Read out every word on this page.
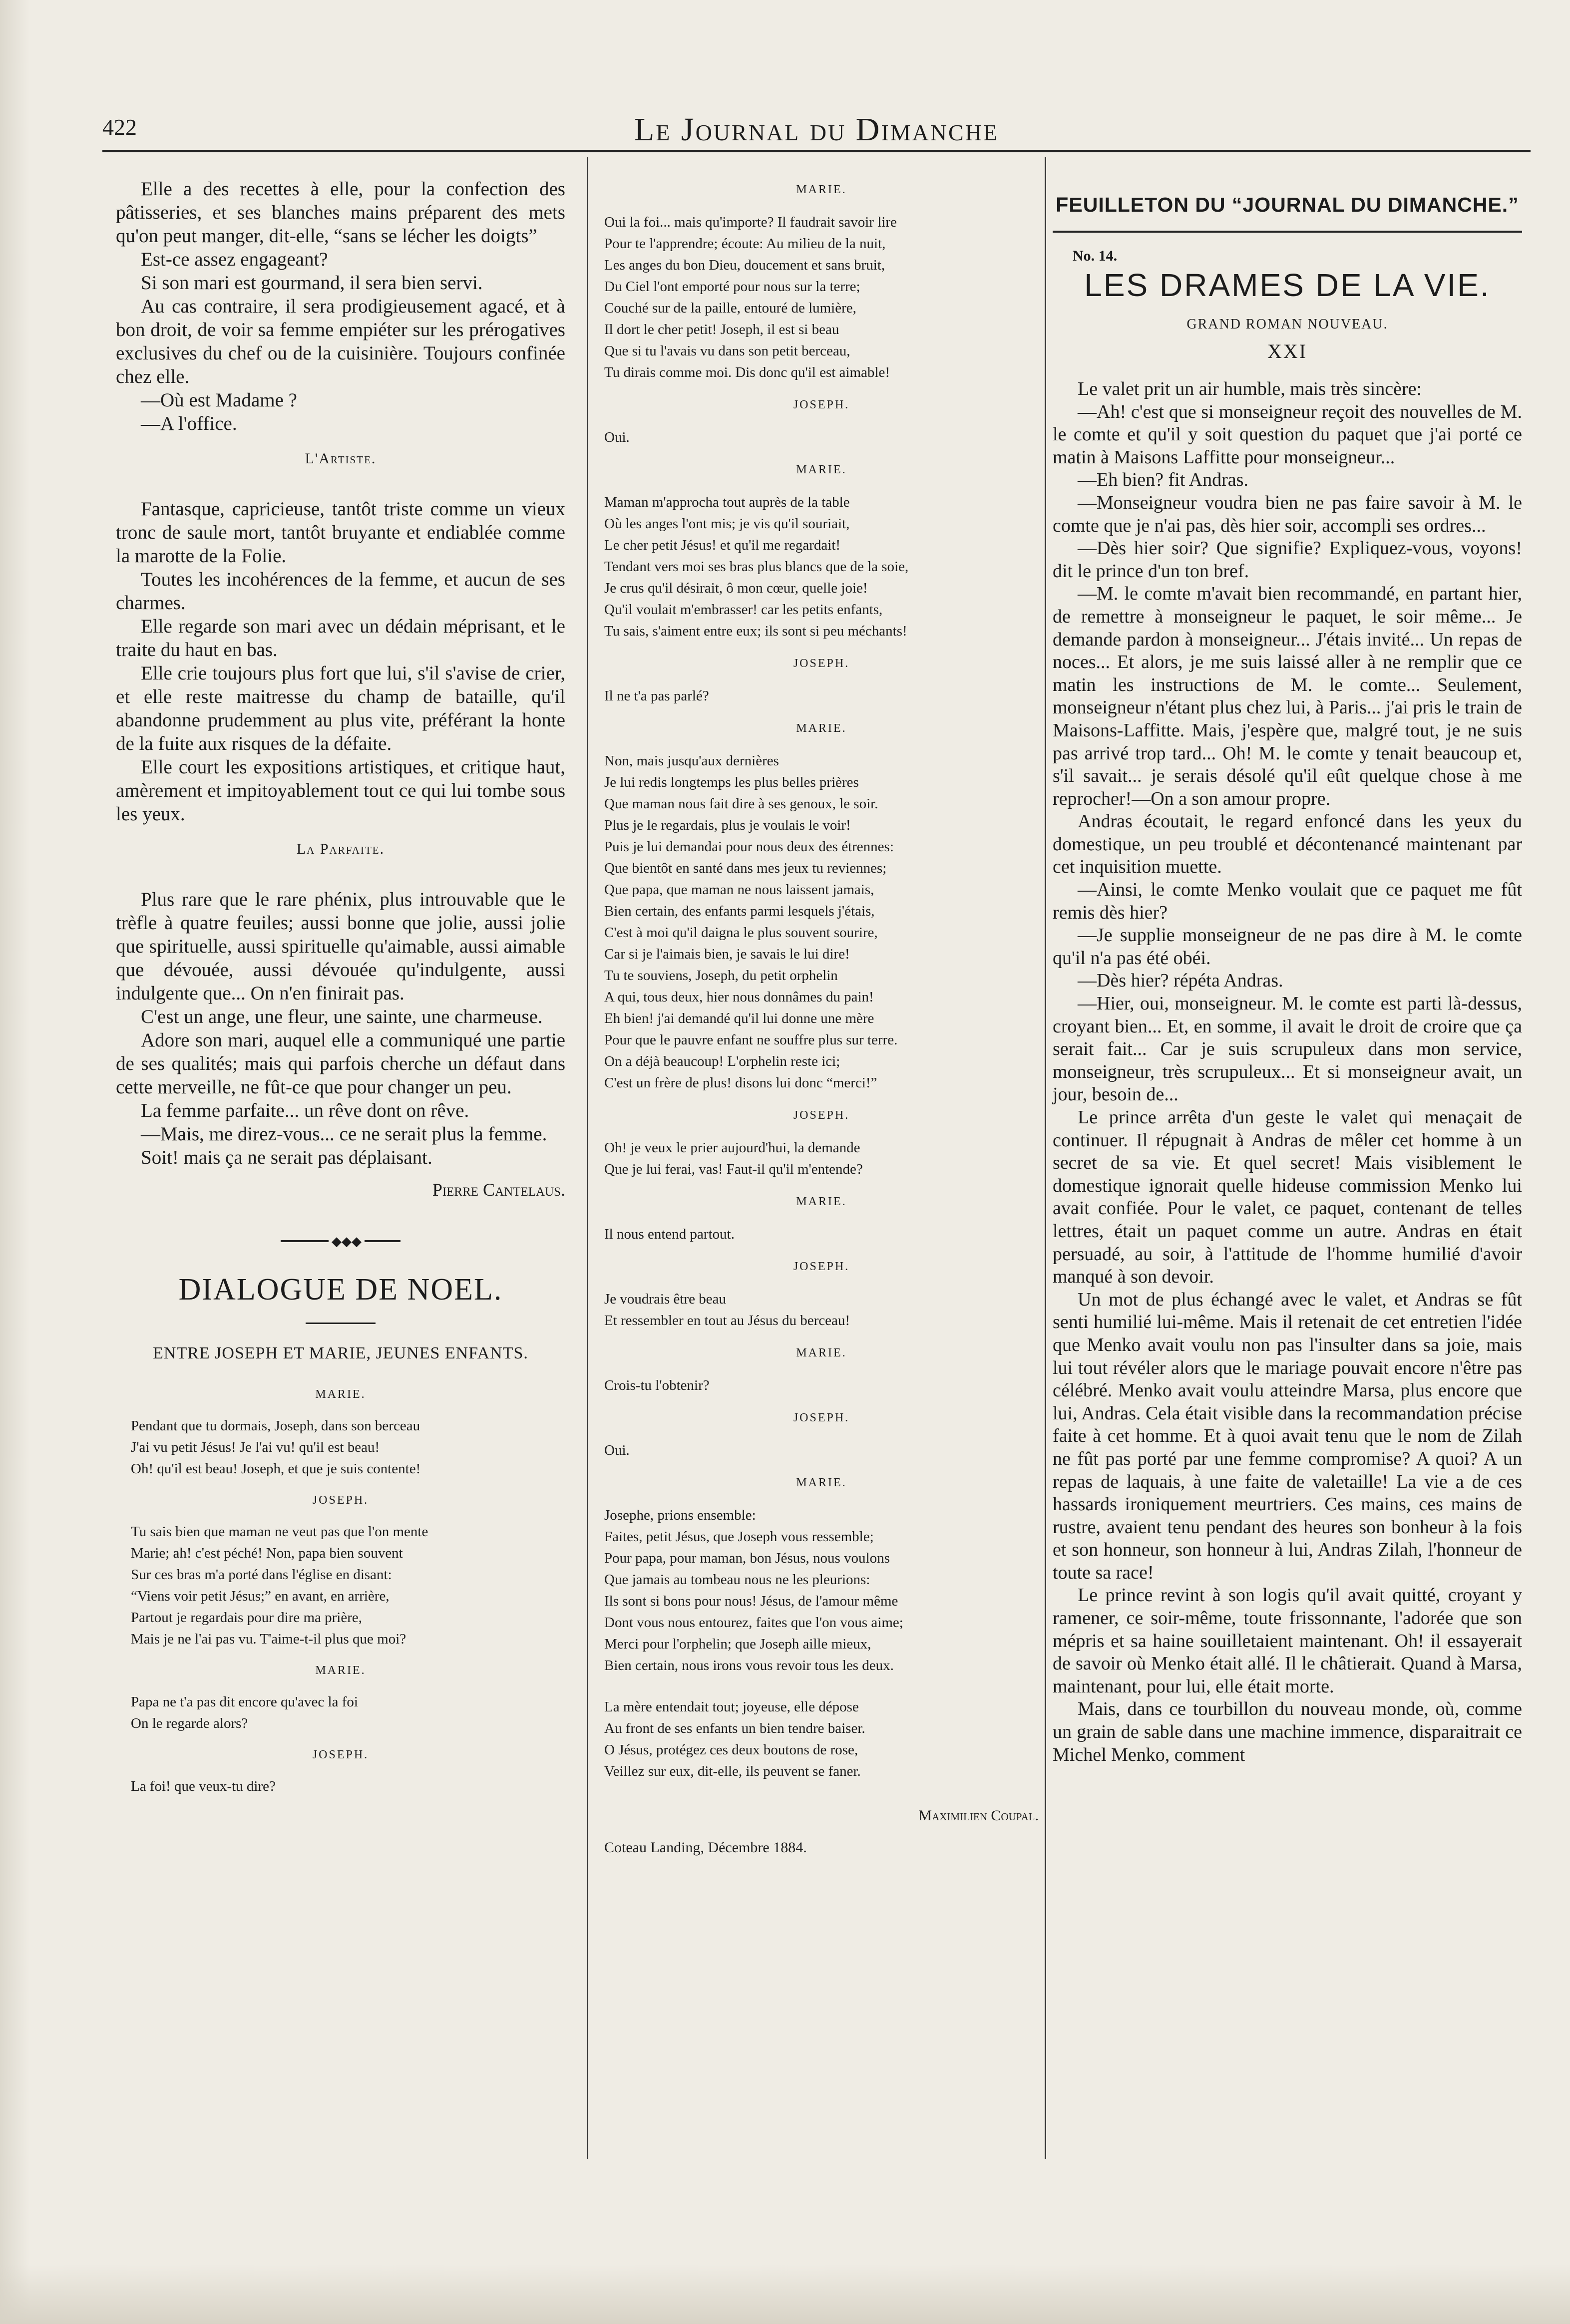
422	Le Journal du Dimanche

Elle a des recettes à elle, pour la confection des pâtisseries, et ses blanches mains préparent des mets qu'on peut manger, dit-elle, “sans se lécher les doigts”

Est-ce assez engageant?

Si son mari est gourmand, il sera bien servi.

Au cas contraire, il sera prodigieusement agacé, et à bon droit, de voir sa femme empiéter sur les prérogatives exclusives du chef ou de la cuisinière. Toujours confinée chez elle.

—Où est Madame ?

—A l'office.

L'Artiste.

Fantasque, capricieuse, tantôt triste comme un vieux tronc de saule mort, tantôt bruyante et endiablée comme la marotte de la Folie.

Toutes les incohérences de la femme, et aucun de ses charmes.

Elle regarde son mari avec un dédain méprisant, et le traite du haut en bas.

Elle crie toujours plus fort que lui, s'il s'avise de crier, et elle reste maitresse du champ de bataille, qu'il abandonne prudemment au plus vite, préférant la honte de la fuite aux risques de la défaite.

Elle court les expositions artistiques, et critique haut, amèrement et impitoyablement tout ce qui lui tombe sous les yeux.

La Parfaite.

Plus rare que le rare phénix, plus introuvable que le trèfle à quatre feuiles; aussi bonne que jolie, aussi jolie que spirituelle, aussi spirituelle qu'aimable, aussi aimable que dévouée, aussi dévouée qu'indulgente, aussi indulgente que... On n'en finirait pas.

C'est un ange, une fleur, une sainte, une charmeuse.

Adore son mari, auquel elle a communiqué une partie de ses qualités; mais qui parfois cherche un défaut dans cette merveille, ne fût-ce que pour changer un peu.

La femme parfaite... un rêve dont on rêve.

—Mais, me direz-vous... ce ne serait plus la femme.

Soit! mais ça ne serait pas déplaisant.

Pierre Cantelaus.
◆◆◆
DIALOGUE DE NOEL.
ENTRE JOSEPH ET MARIE, JEUNES ENFANTS.
MARIE.
Pendant que tu dormais, Joseph, dans son berceau
J'ai vu petit Jésus! Je l'ai vu! qu'il est beau!
Oh! qu'il est beau! Joseph, et que je suis contente!
JOSEPH.
Tu sais bien que maman ne veut pas que l'on mente
Marie; ah! c'est péché! Non, papa bien souvent
Sur ces bras m'a porté dans l'église en disant:
“Viens voir petit Jésus;” en avant, en arrière,
Partout je regardais pour dire ma prière,
Mais je ne l'ai pas vu. T'aime-t-il plus que moi?
MARIE.
Papa ne t'a pas dit encore qu'avec la foi
On le regarde alors?
JOSEPH.
La foi! que veux-tu dire?
MARIE.
Oui la foi... mais qu'importe? Il faudrait savoir lire
Pour te l'apprendre; écoute: Au milieu de la nuit,
Les anges du bon Dieu, doucement et sans bruit,
Du Ciel l'ont emporté pour nous sur la terre;
Couché sur de la paille, entouré de lumière,
Il dort le cher petit! Joseph, il est si beau
Que si tu l'avais vu dans son petit berceau,
Tu dirais comme moi. Dis donc qu'il est aimable!
JOSEPH.
Oui.
MARIE.
Maman m'approcha tout auprès de la table
Où les anges l'ont mis; je vis qu'il souriait,
Le cher petit Jésus! et qu'il me regardait!
Tendant vers moi ses bras plus blancs que de la soie,
Je crus qu'il désirait, ô mon cœur, quelle joie!
Qu'il voulait m'embrasser! car les petits enfants,
Tu sais, s'aiment entre eux; ils sont si peu méchants!
JOSEPH.
Il ne t'a pas parlé?
MARIE.
Non, mais jusqu'aux dernières
Je lui redis longtemps les plus belles prières
Que maman nous fait dire à ses genoux, le soir.
Plus je le regardais, plus je voulais le voir!
Puis je lui demandai pour nous deux des étrennes:
Que bientôt en santé dans mes jeux tu reviennes;
Que papa, que maman ne nous laissent jamais,
Bien certain, des enfants parmi lesquels j'étais,
C'est à moi qu'il daigna le plus souvent sourire,
Car si je l'aimais bien, je savais le lui dire!
Tu te souviens, Joseph, du petit orphelin
A qui, tous deux, hier nous donnâmes du pain!
Eh bien! j'ai demandé qu'il lui donne une mère
Pour que le pauvre enfant ne souffre plus sur terre.
On a déjà beaucoup! L'orphelin reste ici;
C'est un frère de plus! disons lui donc “merci!”
JOSEPH.
Oh! je veux le prier aujourd'hui, la demande
Que je lui ferai, vas! Faut-il qu'il m'entende?
MARIE.
Il nous entend partout.
JOSEPH.
Je voudrais être beau
Et ressembler en tout au Jésus du berceau!
MARIE.
Crois-tu l'obtenir?
JOSEPH.
Oui.
MARIE.
Josephe, prions ensemble:
Faites, petit Jésus, que Joseph vous ressemble;
Pour papa, pour maman, bon Jésus, nous voulons
Que jamais au tombeau nous ne les pleurions:
Ils sont si bons pour nous! Jésus, de l'amour même
Dont vous nous entourez, faites que l'on vous aime;
Merci pour l'orphelin; que Joseph aille mieux,
Bien certain, nous irons vous revoir tous les deux.
La mère entendait tout; joyeuse, elle dépose
Au front de ses enfants un bien tendre baiser.
O Jésus, protégez ces deux boutons de rose,
Veillez sur eux, dit-elle, ils peuvent se faner.
Maximilien Coupal.
Coteau Landing, Décembre 1884.
FEUILLETON DU “JOURNAL DU DIMANCHE.”
No. 14.
LES DRAMES DE LA VIE.
GRAND ROMAN NOUVEAU.
XXI

Le valet prit un air humble, mais très sincère:

—Ah! c'est que si monseigneur reçoit des nouvelles de M. le comte et qu'il y soit question du paquet que j'ai porté ce matin à Maisons Laffitte pour monseigneur...

—Eh bien? fit Andras.

—Monseigneur voudra bien ne pas faire savoir à M. le comte que je n'ai pas, dès hier soir, accompli ses ordres...

—Dès hier soir? Que signifie? Expliquez-vous, voyons! dit le prince d'un ton bref.

—M. le comte m'avait bien recommandé, en partant hier, de remettre à monseigneur le paquet, le soir même... Je demande pardon à monseigneur... J'étais invité... Un repas de noces... Et alors, je me suis laissé aller à ne remplir que ce matin les instructions de M. le comte... Seulement, monseigneur n'étant plus chez lui, à Paris... j'ai pris le train de Maisons-Laffitte. Mais, j'espère que, malgré tout, je ne suis pas arrivé trop tard... Oh! M. le comte y tenait beaucoup et, s'il savait... je serais désolé qu'il eût quelque chose à me reprocher!—On a son amour propre.

Andras écoutait, le regard enfoncé dans les yeux du domestique, un peu troublé et décontenancé maintenant par cet inquisition muette.

—Ainsi, le comte Menko voulait que ce paquet me fût remis dès hier?

—Je supplie monseigneur de ne pas dire à M. le comte qu'il n'a pas été obéi.

—Dès hier? répéta Andras.

—Hier, oui, monseigneur. M. le comte est parti là-dessus, croyant bien... Et, en somme, il avait le droit de croire que ça serait fait... Car je suis scrupuleux dans mon service, monseigneur, très scrupuleux... Et si monseigneur avait, un jour, besoin de...

Le prince arrêta d'un geste le valet qui menaçait de continuer. Il répugnait à Andras de mêler cet homme à un secret de sa vie. Et quel secret! Mais visiblement le domestique ignorait quelle hideuse commission Menko lui avait confiée. Pour le valet, ce paquet, contenant de telles lettres, était un paquet comme un autre. Andras en était persuadé, au soir, à l'attitude de l'homme humilié d'avoir manqué à son devoir.

Un mot de plus échangé avec le valet, et Andras se fût senti humilié lui-même. Mais il retenait de cet entretien l'idée que Menko avait voulu non pas l'insulter dans sa joie, mais lui tout révéler alors que le mariage pouvait encore n'être pas célébré. Menko avait voulu atteindre Marsa, plus encore que lui, Andras. Cela était visible dans la recommandation précise faite à cet homme. Et à quoi avait tenu que le nom de Zilah ne fût pas porté par une femme compromise? A quoi? A un repas de laquais, à une faite de valetaille! La vie a de ces hassards ironiquement meurtriers. Ces mains, ces mains de rustre, avaient tenu pendant des heures son bonheur à la fois et son honneur, son honneur à lui, Andras Zilah, l'honneur de toute sa race!

Le prince revint à son logis qu'il avait quitté, croyant y ramener, ce soir-même, toute frissonnante, l'adorée que son mépris et sa haine souilletaient maintenant. Oh! il essayerait de savoir où Menko était allé. Il le châtierait. Quand à Marsa, maintenant, pour lui, elle était morte.

Mais, dans ce tourbillon du nouveau monde, où, comme un grain de sable dans une machine immence, disparaitrait ce Michel Menko, comment
